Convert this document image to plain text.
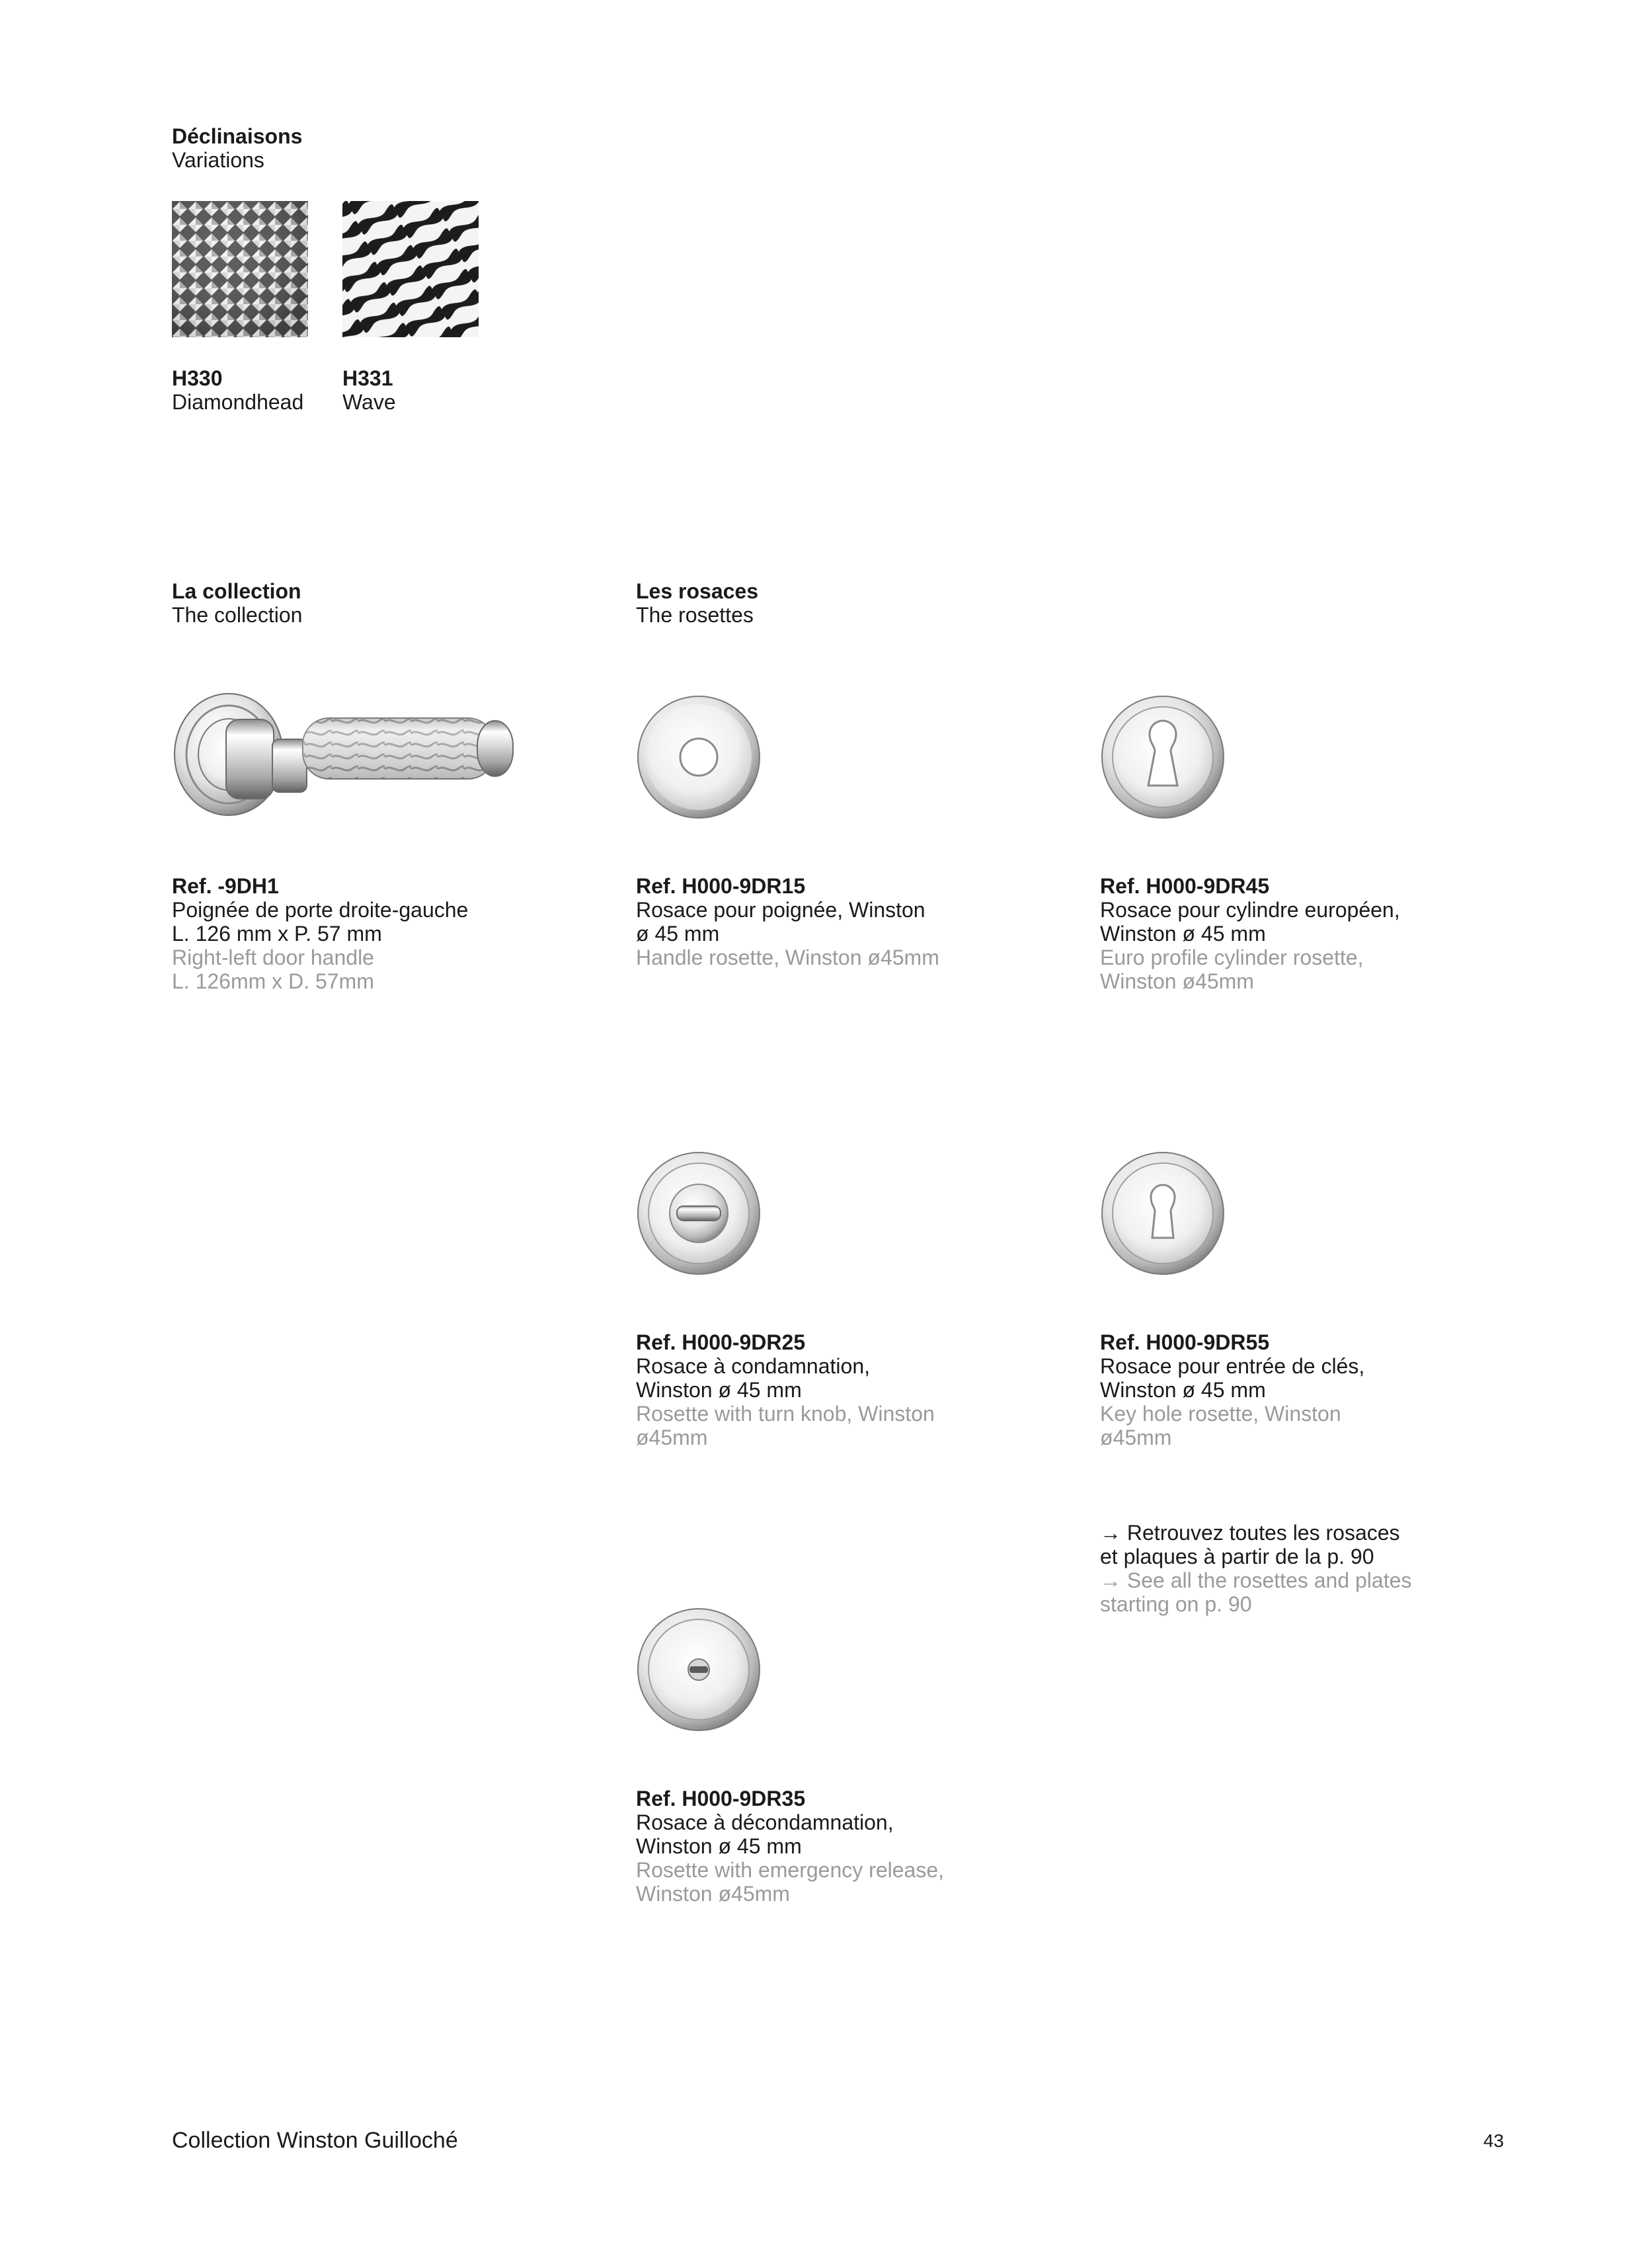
Déclinaisons
Variations
H330
Diamondhead
H331
Wave
La collection
The collection
Les rosaces
The rosettes
Ref. -9DH1
Poignée de porte droite-gauche
L. 126 mm x P. 57 mm
Right-left door handle
L. 126mm x D. 57mm
Ref. H000-9DR15
Rosace pour poignée, Winston
ø 45 mm
Handle rosette, Winston ø45mm
Ref. H000-9DR45
Rosace pour cylindre européen,
Winston ø 45 mm
Euro profile cylinder rosette,
Winston ø45mm
Ref. H000-9DR25
Rosace à condamnation,
Winston ø 45 mm
Rosette with turn knob, Winston
ø45mm
Ref. H000-9DR55
Rosace pour entrée de clés,
Winston ø 45 mm
Key hole rosette, Winston
ø45mm
→ Retrouvez toutes les rosaces
et plaques à partir de la p. 90
→ See all the rosettes and plates
starting on p. 90
Ref. H000-9DR35
Rosace à décondamnation,
Winston ø 45 mm
Rosette with emergency release,
Winston ø45mm
Collection Winston Guilloché	43
